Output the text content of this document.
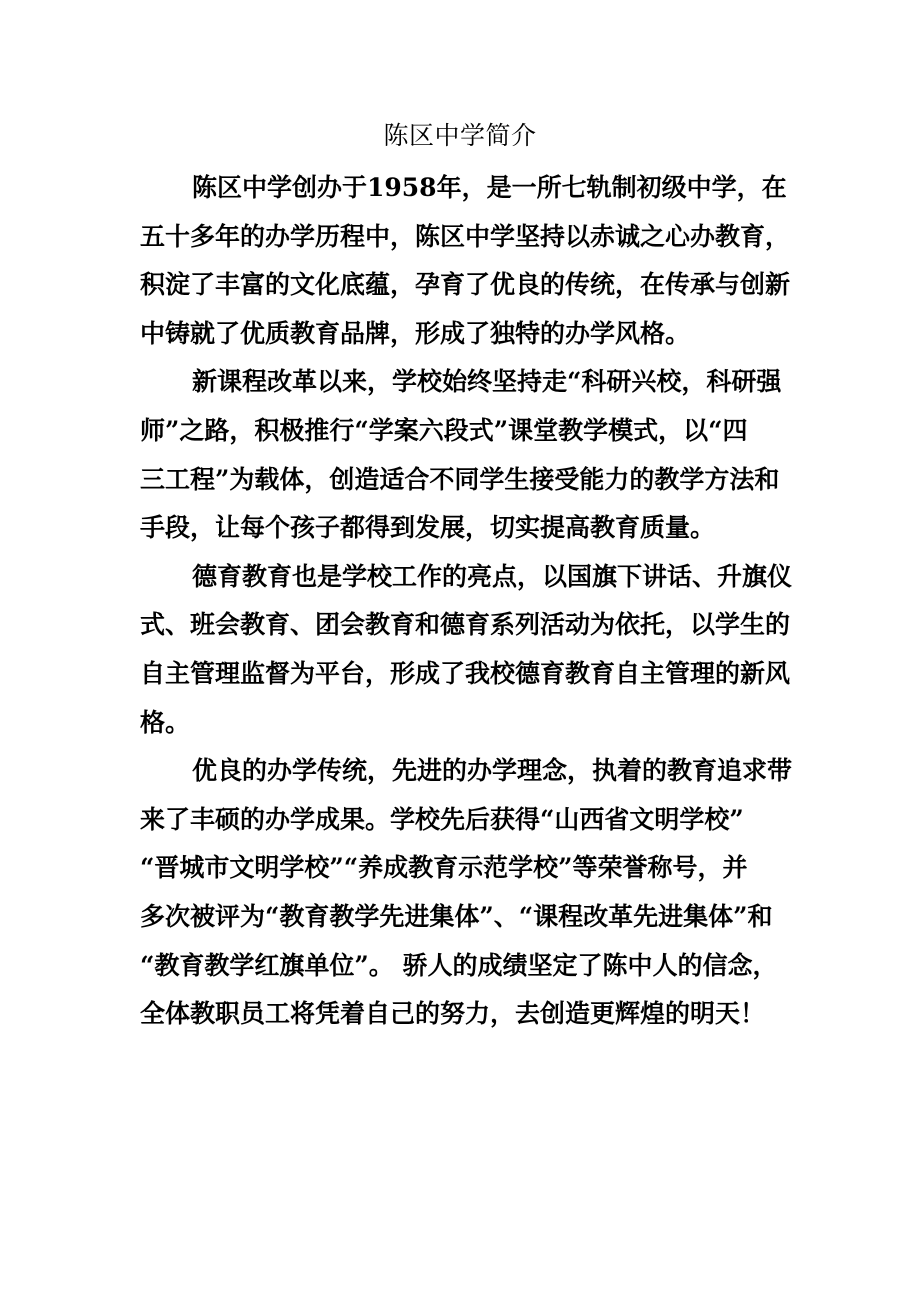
陈区中学简介
陈区中学创办于1958年，是一所七轨制初级中学，在
五十多年的办学历程中，陈区中学坚持以赤诚之心办教育，
积淀了丰富的文化底蕴，孕育了优良的传统，在传承与创新
中铸就了优质教育品牌，形成了独特的办学风格。
新课程改革以来，学校始终坚持走“科研兴校，科研强
师”之路，积极推行“学案六段式”课堂教学模式，以“四
三工程”为载体，创造适合不同学生接受能力的教学方法和
手段，让每个孩子都得到发展，切实提高教育质量。
德育教育也是学校工作的亮点，以国旗下讲话、升旗仪
式、班会教育、团会教育和德育系列活动为依托，以学生的
自主管理监督为平台，形成了我校德育教育自主管理的新风
格。
优良的办学传统，先进的办学理念，执着的教育追求带
来了丰硕的办学成果。学校先后获得“山西省文明学校”
“晋城市文明学校”“养成教育示范学校”等荣誉称号，并
多次被评为“教育教学先进集体”、“课程改革先进集体”和
“教育教学红旗单位”。 骄人的成绩坚定了陈中人的信念，
全体教职员工将凭着自己的努力，去创造更辉煌的明天！
